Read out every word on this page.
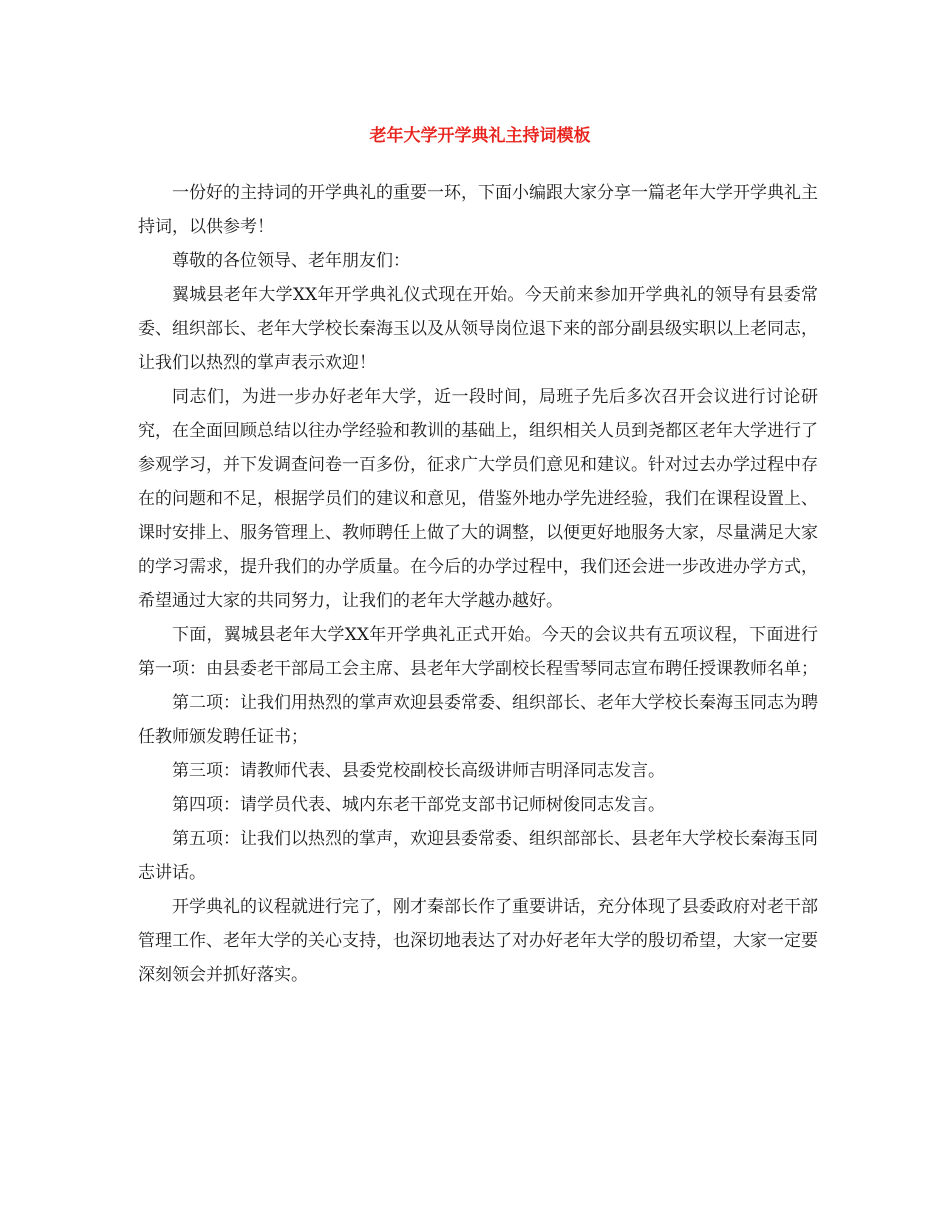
老年大学开学典礼主持词模板

一份好的主持词的开学典礼的重要一环，下面小编跟大家分享一篇老年大学开学典礼主持词，以供参考！

尊敬的各位领导、老年朋友们：

翼城县老年大学XX年开学典礼仪式现在开始。今天前来参加开学典礼的领导有县委常委、组织部长、老年大学校长秦海玉以及从领导岗位退下来的部分副县级实职以上老同志，让我们以热烈的掌声表示欢迎！

同志们，为进一步办好老年大学，近一段时间，局班子先后多次召开会议进行讨论研究，在全面回顾总结以往办学经验和教训的基础上，组织相关人员到尧都区老年大学进行了参观学习，并下发调查问卷一百多份，征求广大学员们意见和建议。针对过去办学过程中存在的问题和不足，根据学员们的建议和意见，借鉴外地办学先进经验，我们在课程设置上、课时安排上、服务管理上、教师聘任上做了大的调整，以便更好地服务大家，尽量满足大家的学习需求，提升我们的办学质量。在今后的办学过程中，我们还会进一步改进办学方式，希望通过大家的共同努力，让我们的老年大学越办越好。

下面，翼城县老年大学XX年开学典礼正式开始。今天的会议共有五项议程，下面进行第一项：由县委老干部局工会主席、县老年大学副校长程雪琴同志宣布聘任授课教师名单；

第二项：让我们用热烈的掌声欢迎县委常委、组织部长、老年大学校长秦海玉同志为聘任教师颁发聘任证书；

第三项：请教师代表、县委党校副校长高级讲师吉明泽同志发言。

第四项：请学员代表、城内东老干部党支部书记师树俊同志发言。

第五项：让我们以热烈的掌声，欢迎县委常委、组织部部长、县老年大学校长秦海玉同志讲话。

开学典礼的议程就进行完了，刚才秦部长作了重要讲话，充分体现了县委政府对老干部管理工作、老年大学的关心支持，也深切地表达了对办好老年大学的殷切希望，大家一定要深刻领会并抓好落实。
